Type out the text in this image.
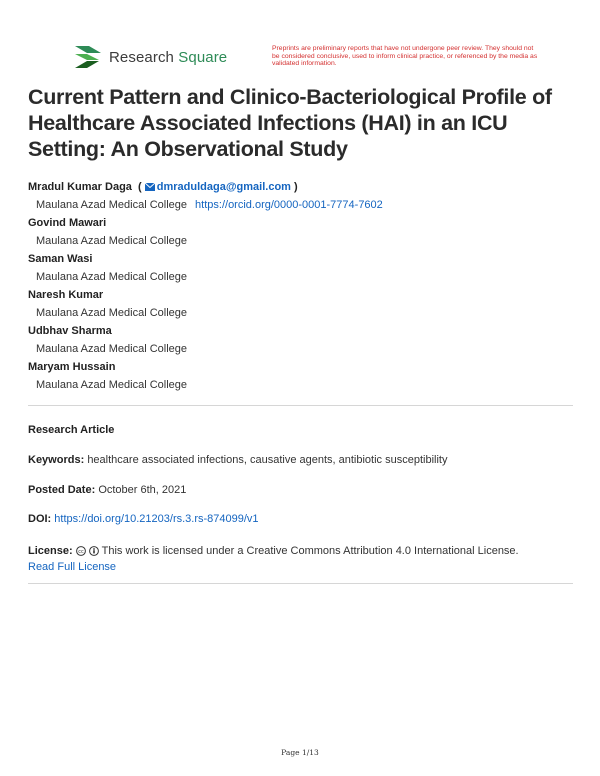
Research Square	Preprints are preliminary reports that have not undergone peer review. They should not be considered conclusive, used to inform clinical practice, or referenced by the media as validated information.
Current Pattern and Clinico-Bacteriological Profile of Healthcare Associated Infections (HAI) in an ICU Setting: An Observational Study
Mradul Kumar Daga  ( dmraduldaga@gmail.com )
Maulana Azad Medical College https://orcid.org/0000-0001-7774-7602
Govind Mawari
Maulana Azad Medical College
Saman Wasi
Maulana Azad Medical College
Naresh Kumar
Maulana Azad Medical College
Udbhav Sharma
Maulana Azad Medical College
Maryam Hussain
Maulana Azad Medical College
Research Article
Keywords: healthcare associated infections, causative agents, antibiotic susceptibility
Posted Date: October 6th, 2021
DOI: https://doi.org/10.21203/rs.3.rs-874099/v1
License: cc This work is licensed under a Creative Commons Attribution 4.0 International License.
Read Full License
Page 1/13
